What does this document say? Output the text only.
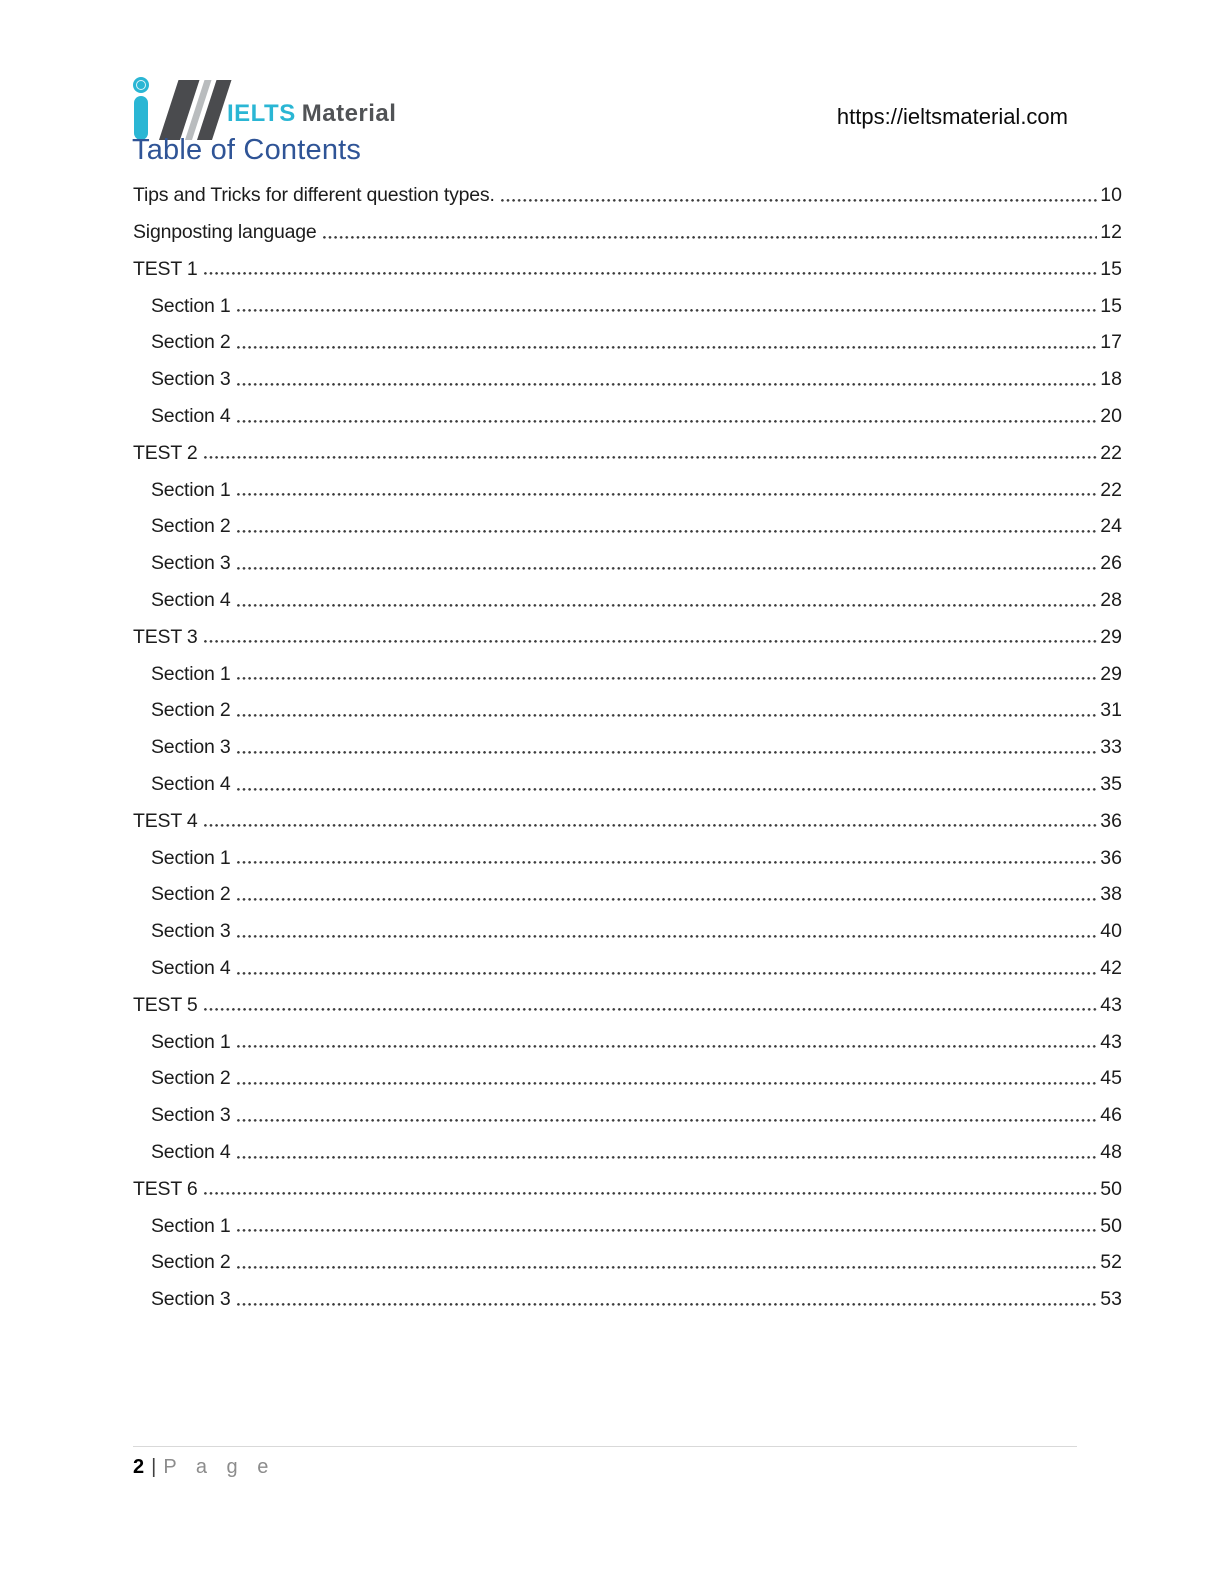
IELTS Material	https://ieltsmaterial.com
Table of Contents
Tips and Tricks for different question types.	10
Signposting language	12
TEST 1	15
Section 1	15
Section 2	17
Section 3	18
Section 4	20
TEST 2	22
Section 1	22
Section 2	24
Section 3	26
Section 4	28
TEST 3	29
Section 1	29
Section 2	31
Section 3	33
Section 4	35
TEST 4	36
Section 1	36
Section 2	38
Section 3	40
Section 4	42
TEST 5	43
Section 1	43
Section 2	45
Section 3	46
Section 4	48
TEST 6	50
Section 1	50
Section 2	52
Section 3	53
2 | P a g e
